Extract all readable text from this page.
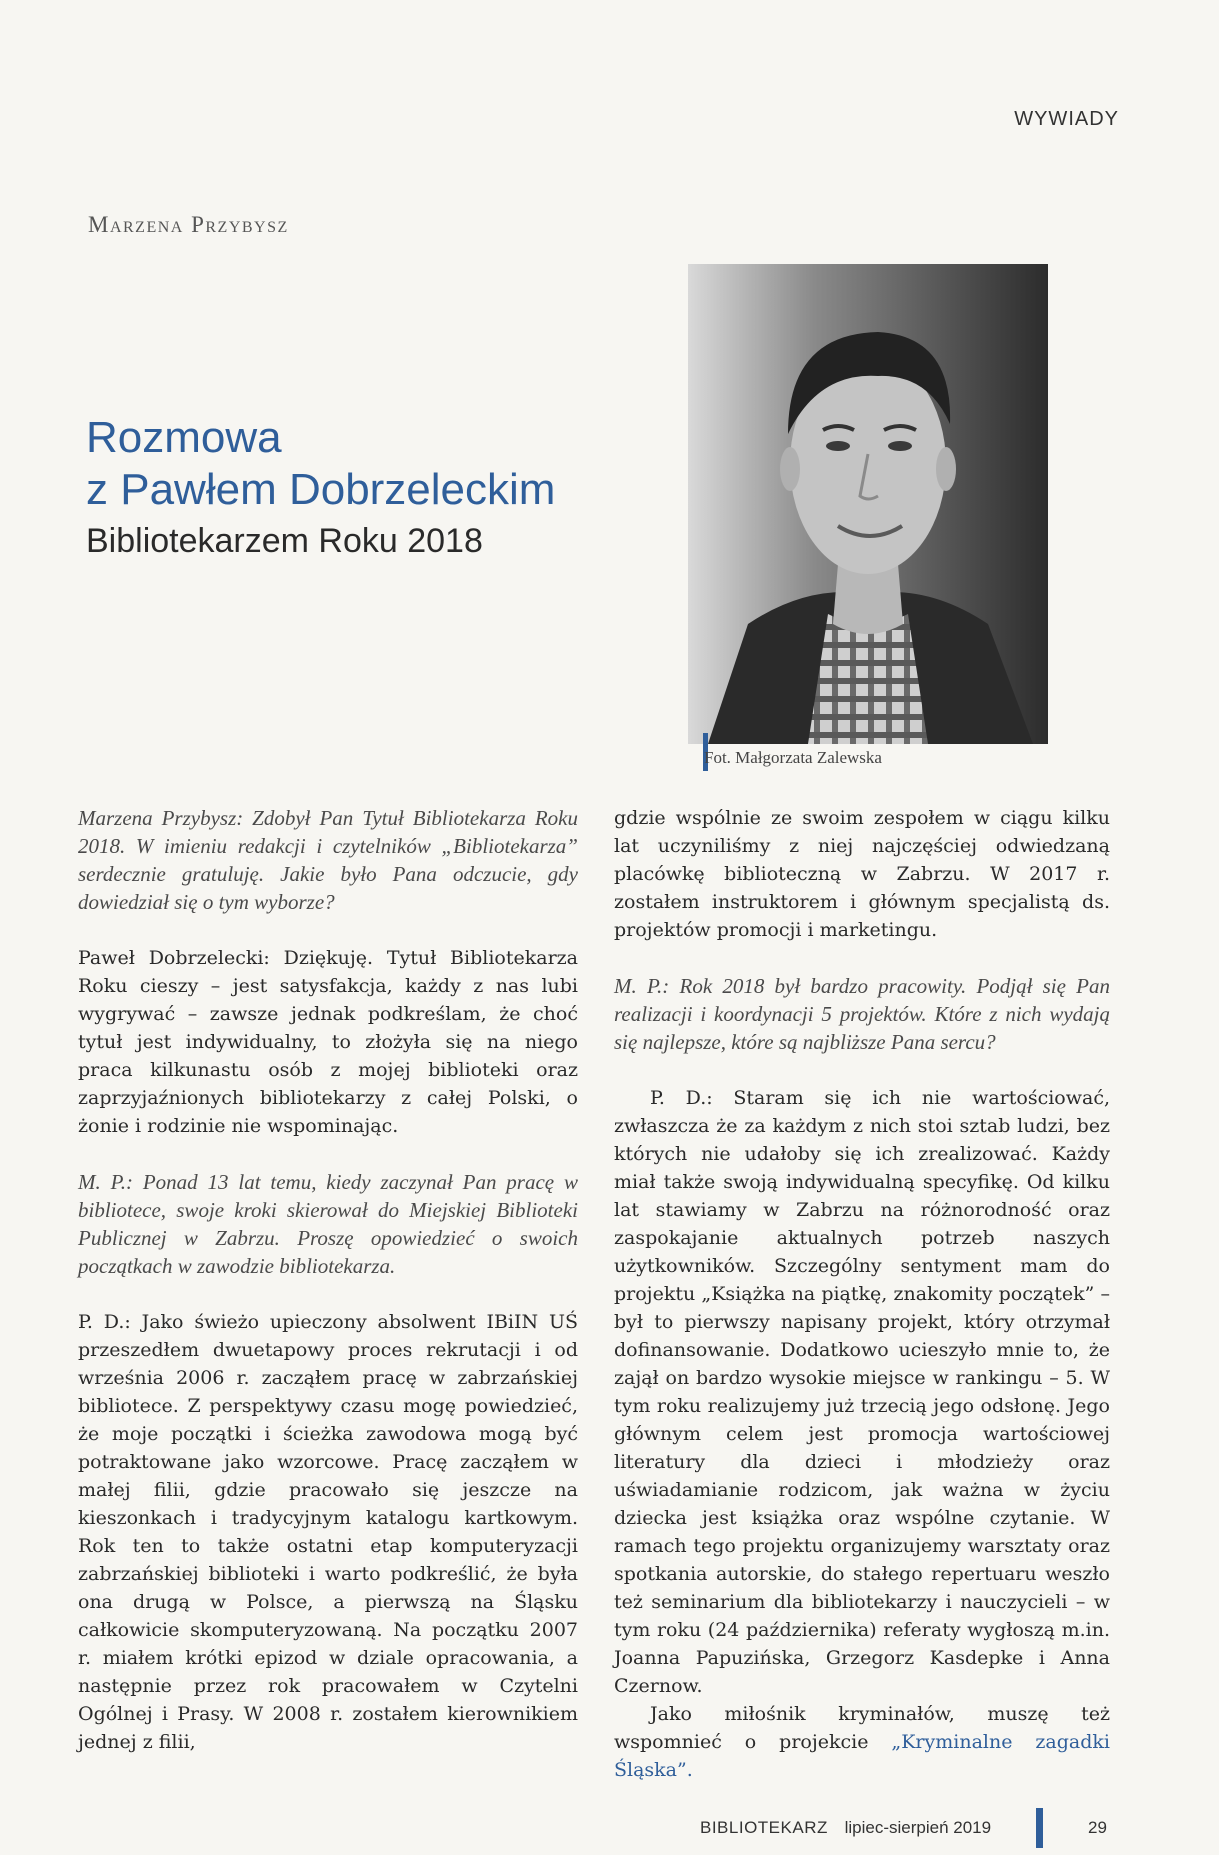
WYWIADY
Marzena Przybysz
Rozmowa
z Pawłem Dobrzeleckim
Bibliotekarzem Roku 2018
Fot. Małgorzata Zalewska

Marzena Przybysz: Zdobył Pan Tytuł Bibliotekarza Roku 2018. W imieniu redakcji i czytelników „Bibliotekarza” serdecznie gratuluję. Jakie było Pana odczucie, gdy dowiedział się o tym wyborze?

Paweł Dobrzelecki: Dziękuję. Tytuł Bibliotekarza Roku cieszy – jest satysfakcja, każdy z nas lubi wygrywać – zawsze jednak podkreślam, że choć tytuł jest indywidualny, to złożyła się na niego praca kilkunastu osób z mojej biblioteki oraz zaprzyjaźnionych bibliotekarzy z całej Polski, o żonie i rodzinie nie wspominając.

M. P.: Ponad 13 lat temu, kiedy zaczynał Pan pracę w bibliotece, swoje kroki skierował do Miejskiej Biblioteki Publicznej w Zabrzu. Proszę opowiedzieć o swoich początkach w zawodzie bibliotekarza.

P. D.: Jako świeżo upieczony absolwent IBiIN UŚ przeszedłem dwuetapowy proces rekrutacji i od września 2006 r. zacząłem pracę w zabrzańskiej bibliotece. Z perspektywy czasu mogę powiedzieć, że moje początki i ścieżka zawodowa mogą być potraktowane jako wzorcowe. Pracę zacząłem w małej filii, gdzie pracowało się jeszcze na kieszonkach i tradycyjnym katalogu kartkowym. Rok ten to także ostatni etap komputeryzacji zabrzańskiej biblioteki i warto podkreślić, że była ona drugą w Polsce, a pierwszą na Śląsku całkowicie skomputeryzowaną. Na początku 2007 r. miałem krótki epizod w dziale opracowania, a następnie przez rok pracowałem w Czytelni Ogólnej i Prasy. W 2008 r. zostałem kierownikiem jednej z filii,

gdzie wspólnie ze swoim zespołem w ciągu kilku lat uczyniliśmy z niej najczęściej odwiedzaną placówkę biblioteczną w Zabrzu. W 2017 r. zostałem instruktorem i głównym specjalistą ds. projektów promocji i marketingu.

M. P.: Rok 2018 był bardzo pracowity. Podjął się Pan realizacji i koordynacji 5 projektów. Które z nich wydają się najlepsze, które są najbliższe Pana sercu?

P. D.: Staram się ich nie wartościować, zwłaszcza że za każdym z nich stoi sztab ludzi, bez których nie udałoby się ich zrealizować. Każdy miał także swoją indywidualną specyfikę. Od kilku lat stawiamy w Zabrzu na różnorodność oraz zaspokajanie aktualnych potrzeb naszych użytkowników. Szczególny sentyment mam do projektu „Książka na piątkę, znakomity początek” – był to pierwszy napisany projekt, który otrzymał dofinansowanie. Dodatkowo ucieszyło mnie to, że zajął on bardzo wysokie miejsce w rankingu – 5. W tym roku realizujemy już trzecią jego odsłonę. Jego głównym celem jest promocja wartościowej literatury dla dzieci i młodzieży oraz uświadamianie rodzicom, jak ważna w życiu dziecka jest książka oraz wspólne czytanie. W ramach tego projektu organizujemy warsztaty oraz spotkania autorskie, do stałego repertuaru weszło też seminarium dla bibliotekarzy i nauczycieli – w tym roku (24 października) referaty wygłoszą m.in. Joanna Papuzińska, Grzegorz Kasdepke i Anna Czernow.

Jako miłośnik kryminałów, muszę też wspomnieć o projekcie „Kryminalne zagadki Śląska”.

BIBLIOTEKARZ lipiec-sierpień 2019	29
